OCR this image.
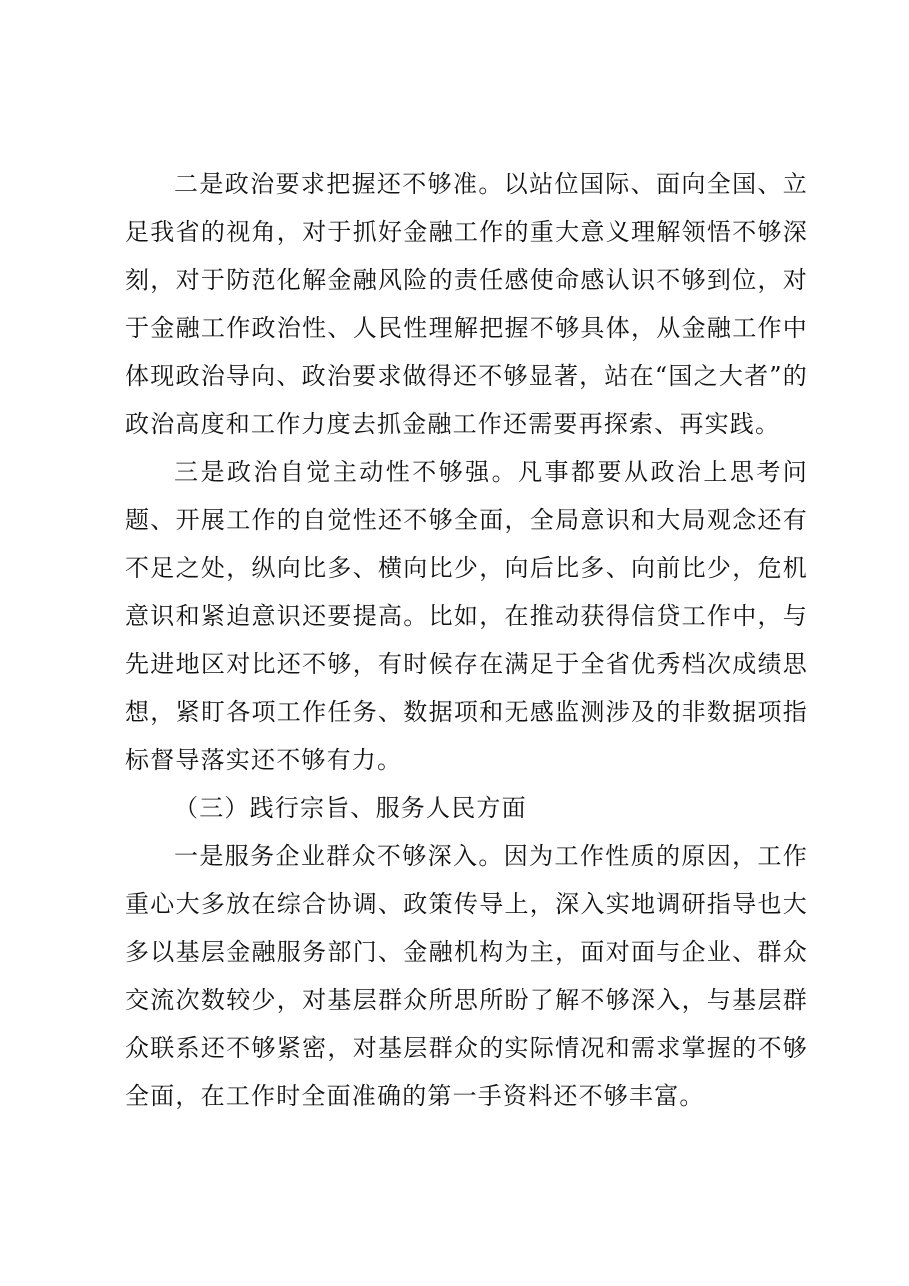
二是政治要求把握还不够准。以站位国际、面向全国、立足我省的视角，对于抓好金融工作的重大意义理解领悟不够深刻，对于防范化解金融风险的责任感使命感认识不够到位，对于金融工作政治性、人民性理解把握不够具体，从金融工作中体现政治导向、政治要求做得还不够显著，站在“国之大者”的政治高度和工作力度去抓金融工作还需要再探索、再实践。

三是政治自觉主动性不够强。凡事都要从政治上思考问题、开展工作的自觉性还不够全面，全局意识和大局观念还有不足之处，纵向比多、横向比少，向后比多、向前比少，危机意识和紧迫意识还要提高。比如，在推动获得信贷工作中，与先进地区对比还不够，有时候存在满足于全省优秀档次成绩思想，紧盯各项工作任务、数据项和无感监测涉及的非数据项指标督导落实还不够有力。

（三）践行宗旨、服务人民方面

一是服务企业群众不够深入。因为工作性质的原因，工作重心大多放在综合协调、政策传导上，深入实地调研指导也大多以基层金融服务部门、金融机构为主，面对面与企业、群众交流次数较少，对基层群众所思所盼了解不够深入，与基层群众联系还不够紧密，对基层群众的实际情况和需求掌握的不够全面，在工作时全面准确的第一手资料还不够丰富。
